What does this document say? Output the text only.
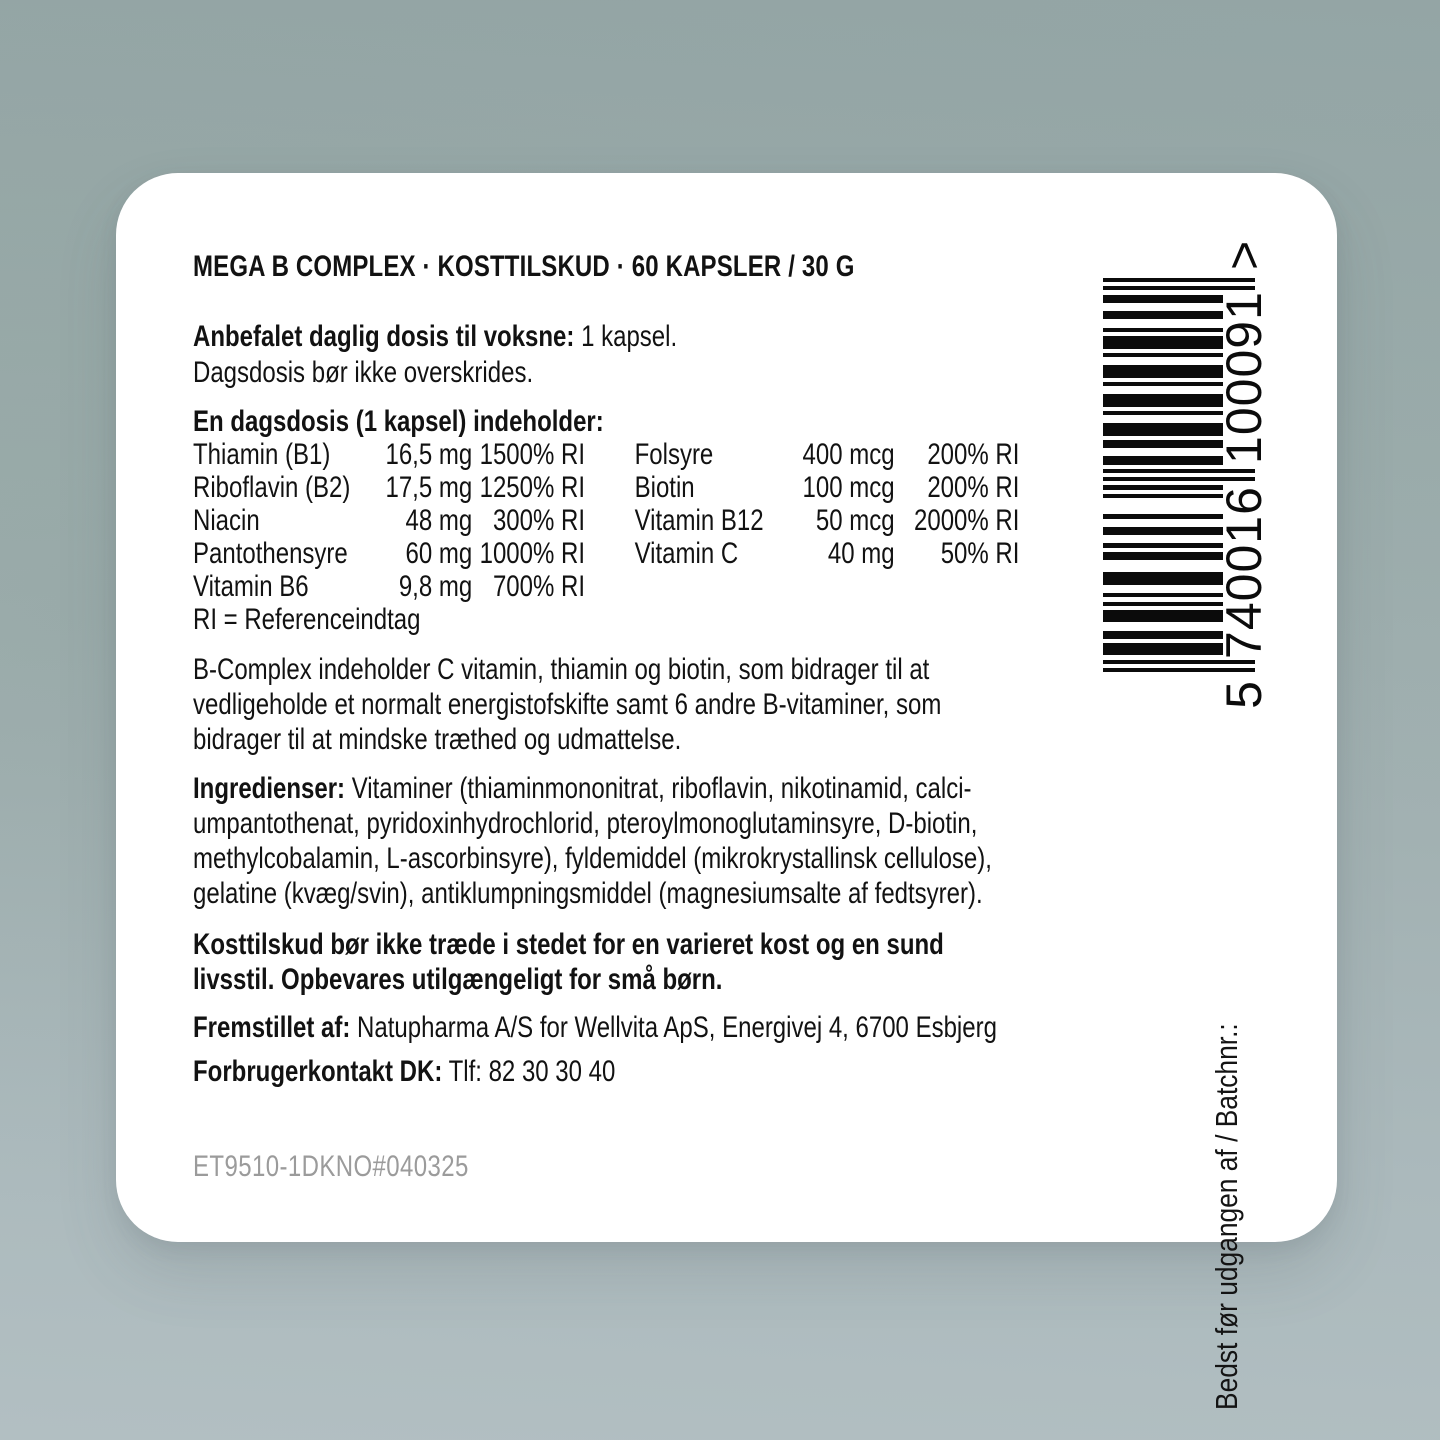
MEGA B COMPLEX · KOSTTILSKUD · 60 KAPSLER / 30 G
Anbefalet daglig dosis til voksne: 1 kapsel.
Dagsdosis bør ikke overskrides.
En dagsdosis (1 kapsel) indeholder:
Thiamin (B1)	16,5 mg 1500% RI
Riboflavin (B2)	17,5 mg 1250% RI
Niacin	48 mg 300% RI
Pantothensyre	60 mg 1000% RI
Vitamin B6	9,8 mg 700% RI
Folsyre	400 mcg	200% RI
Biotin	100 mcg	200% RI
Vitamin B12	50 mcg 2000% RI
Vitamin C	40 mg	50% RI
RI = Referenceindtag
B-Complex indeholder C vitamin, thiamin og biotin, som bidrager til at
vedligeholde et normalt energistofskifte samt 6 andre B-vitaminer, som
bidrager til at mindske træthed og udmattelse.
Ingredienser: Vitaminer (thiaminmononitrat, riboflavin, nikotinamid, calci-
umpantothenat, pyridoxinhydrochlorid, pteroylmonoglutaminsyre, D-biotin,
methylcobalamin, L-ascorbinsyre), fyldemiddel (mikrokrystallinsk cellulose),
gelatine (kvæg/svin), antiklumpningsmiddel (magnesiumsalte af fedtsyrer).
Kosttilskud bør ikke træde i stedet for en varieret kost og en sund
livsstil. Opbevares utilgængeligt for små børn.
Fremstillet af: Natupharma A/S for Wellvita ApS, Energivej 4, 6700 Esbjerg
Forbrugerkontakt DK: Tlf: 82 30 30 40
ET9510-1DKNO#040325
5
740016
100091
>
Bedst før udgangen af / Batchnr.:
